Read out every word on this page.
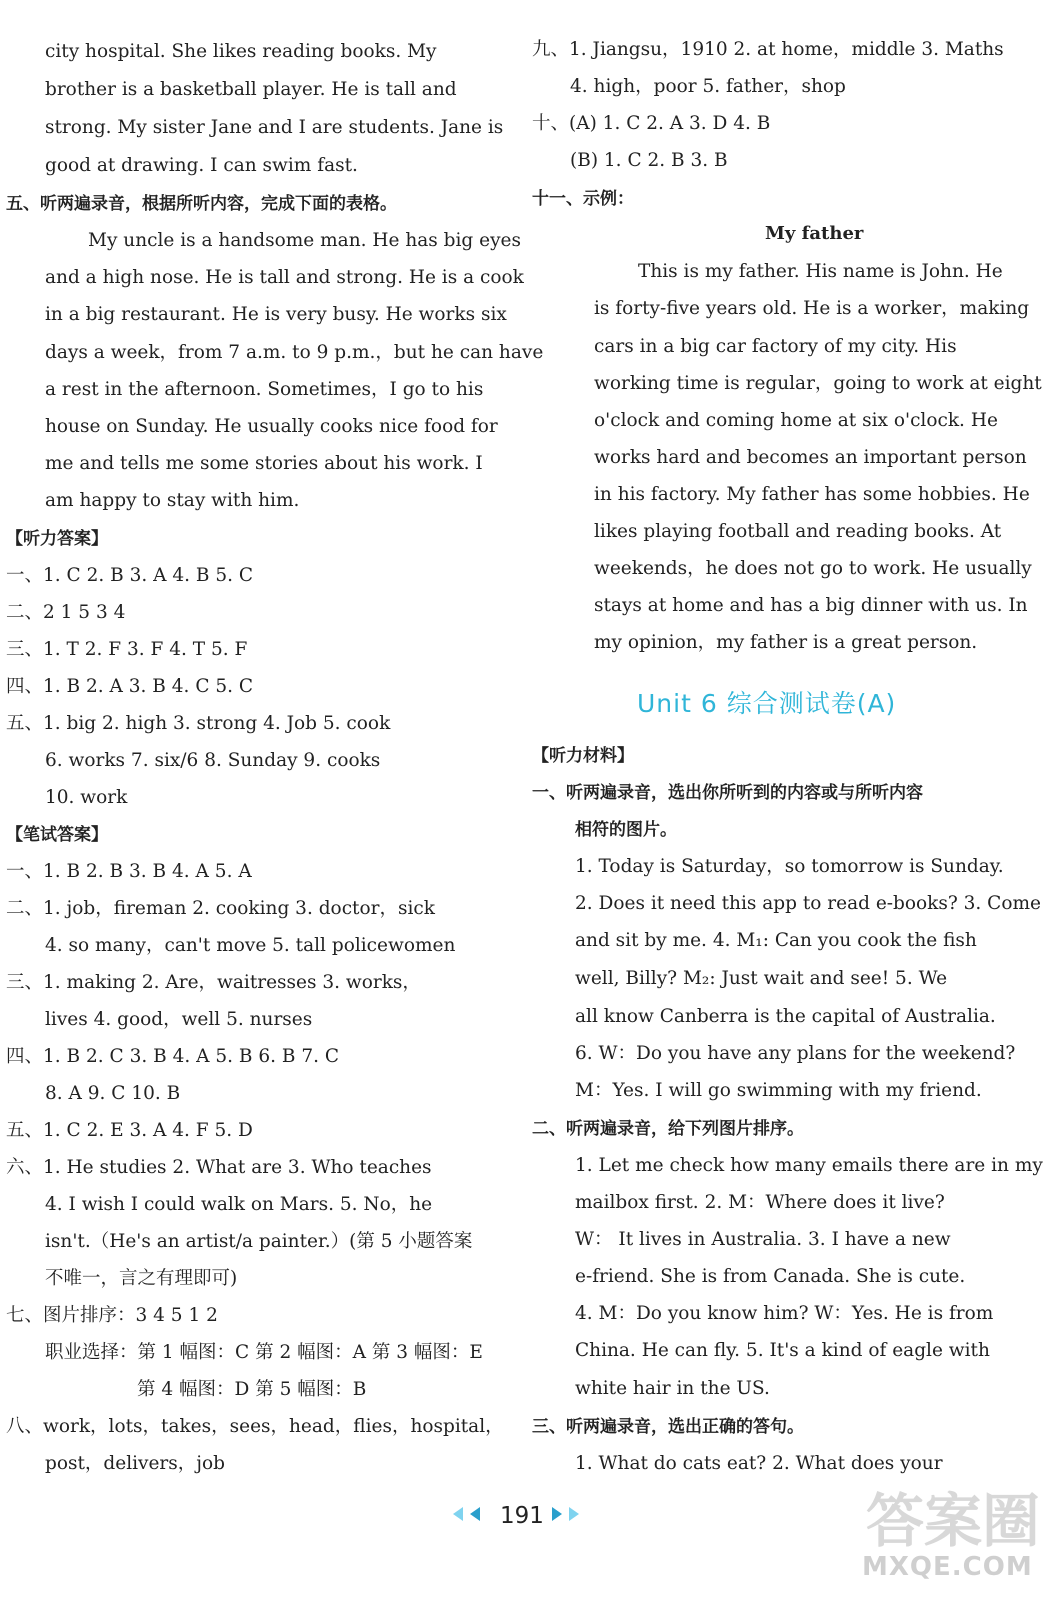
city hospital. She likes reading books. My
brother is a basketball player. He is tall and
strong. My sister Jane and I are students. Jane is
good at drawing. I can swim fast.
五、听两遍录音，根据所听内容，完成下面的表格。
My uncle is a handsome man. He has big eyes
and a high nose. He is tall and strong. He is a cook
in a big restaurant. He is very busy. He works six
days a week，from 7 a.m. to 9 p.m.，but he can have
a rest in the afternoon. Sometimes，I go to his
house on Sunday. He usually cooks nice food for
me and tells me some stories about his work. I
am happy to stay with him.
【听力答案】
一、1. C 2. B 3. A 4. B 5. C
二、2 1 5 3 4
三、1. T 2. F 3. F 4. T 5. F
四、1. B 2. A 3. B 4. C 5. C
五、1. big 2. high 3. strong 4. Job 5. cook
6. works 7. six/6 8. Sunday 9. cooks
10. work
【笔试答案】
一、1. B 2. B 3. B 4. A 5. A
二、1. job，fireman 2. cooking 3. doctor，sick
4. so many，can't move 5. tall policewomen
三、1. making 2. Are，waitresses 3. works，
lives 4. good，well 5. nurses
四、1. B 2. C 3. B 4. A 5. B 6. B 7. C
8. A 9. C 10. B
五、1. C 2. E 3. A 4. F 5. D
六、1. He studies 2. What are 3. Who teaches
4. I wish I could walk on Mars. 5. No，he
isn't.（He's an artist/a painter.）(第 5 小题答案
不唯一，言之有理即可)
七、图片排序：3 4 5 1 2
职业选择：第 1 幅图：C 第 2 幅图：A 第 3 幅图：E
第 4 幅图：D 第 5 幅图：B
八、work，lots，takes，sees，head，flies，hospital，
post，delivers，job
九、1. Jiangsu，1910 2. at home，middle 3. Maths
4. high，poor 5. father，shop
十、(A) 1. C 2. A 3. D 4. B
(B) 1. C 2. B 3. B
十一、示例：
This is my father. His name is John. He
is forty-five years old. He is a worker，making
cars in a big car factory of my city. His
working time is regular，going to work at eight
o'clock and coming home at six o'clock. He
works hard and becomes an important person
in his factory. My father has some hobbies. He
likes playing football and reading books. At
weekends，he does not go to work. He usually
stays at home and has a big dinner with us. In
my opinion，my father is a great person.
【听力材料】
一、听两遍录音，选出你所听到的内容或与所听内容
相符的图片。
1. Today is Saturday，so tomorrow is Sunday.
2. Does it need this app to read e-books? 3. Come
and sit by me. 4. M₁: Can you cook the fish
well, Billy? M₂: Just wait and see! 5. We
all know Canberra is the capital of Australia.
6. W：Do you have any plans for the weekend?
M：Yes. I will go swimming with my friend.
二、听两遍录音，给下列图片排序。
1. Let me check how many emails there are in my
mailbox first. 2. M：Where does it live?
W： It lives in Australia. 3. I have a new
e-friend. She is from Canada. She is cute.
4. M：Do you know him? W：Yes. He is from
China. He can fly. 5. It's a kind of eagle with
white hair in the US.
三、听两遍录音，选出正确的答句。
1. What do cats eat? 2. What does your
My father
Unit 6 综合测试卷(A)
191	答案圈
MXQE.COM
